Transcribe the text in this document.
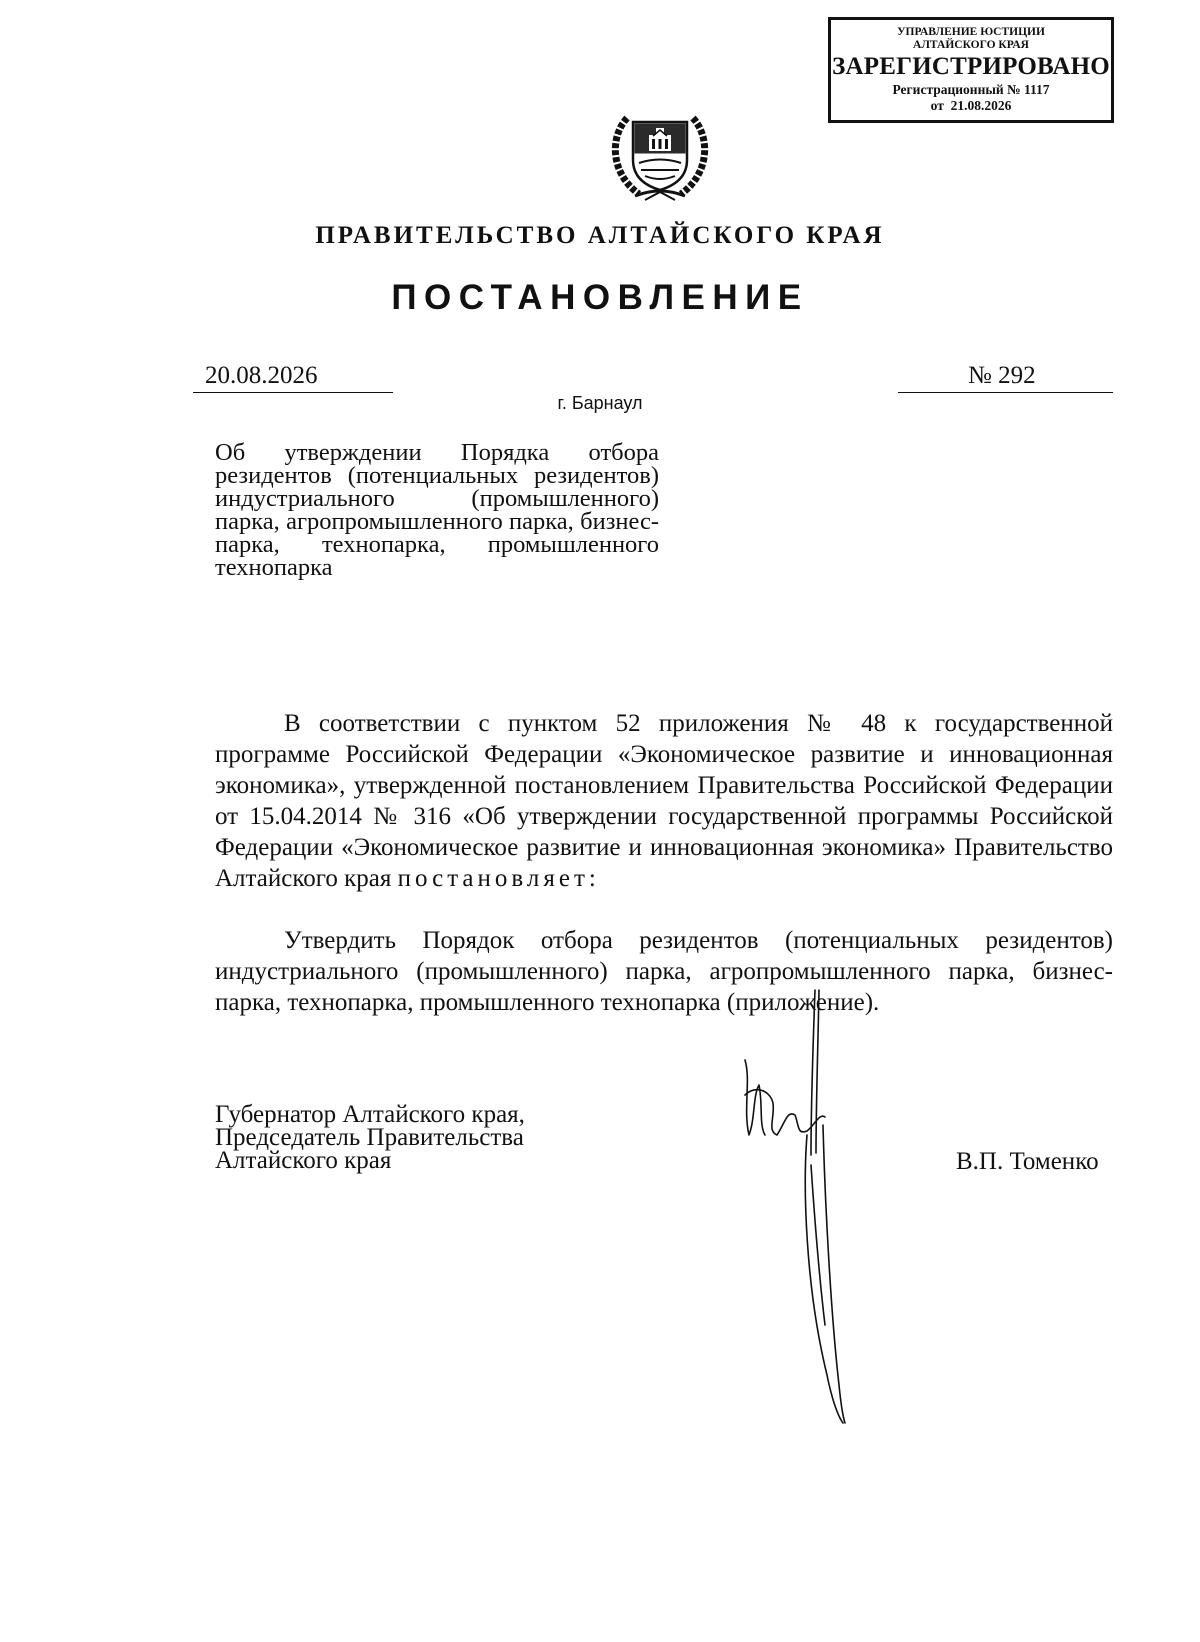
УПРАВЛЕНИЕ ЮСТИЦИИ
АЛТАЙСКОГО КРАЯ
ЗАРЕГИСТРИРОВАНО
Регистрационный № 1117
от  21.08.2026
ПРАВИТЕЛЬСТВО АЛТАЙСКОГО КРАЯ
ПОСТАНОВЛЕНИЕ
20.08.2026	№ 292
г. Барнаул
Об утверждении Порядка отбора резидентов (потенциальных резидентов) индустриального (промышленного) парка, агропромышленного парка, бизнес-парка, технопарка, промышленного технопарка
В соответствии с пунктом 52 приложения № 48 к государственной программе Российской Федерации «Экономическое развитие и инновационная экономика», утвержденной постановлением Правительства Российской Федерации от 15.04.2014 № 316 «Об утверждении государственной программы Российской Федерации «Экономическое развитие и инновационная экономика» Правительство Алтайского края постановляет:
Утвердить Порядок отбора резидентов (потенциальных резидентов) индустриального (промышленного) парка, агропромышленного парка, бизнес-парка, технопарка, промышленного технопарка (приложение).
Губернатор Алтайского края,
Председатель Правительства
Алтайского края	В.П. Томенко
